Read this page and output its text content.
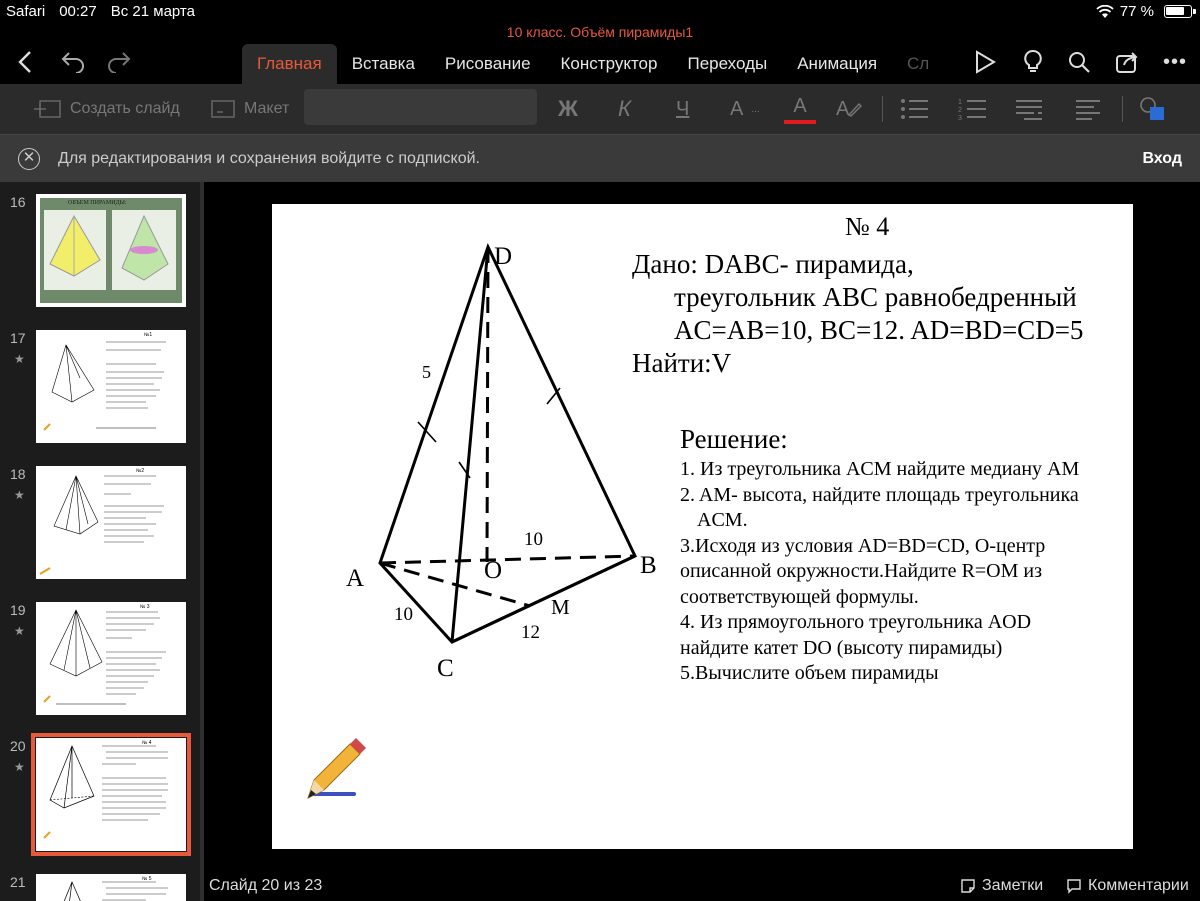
Safari 00:27 Вс 21 марта	77 %
10 класс. Объём пирамиды1
Главная	Вставка	Рисование	Конструктор	Переходы	Анимация	Сл	•••
Создать слайд	Макет	Ж К Ч A ... A A	1
2
3
✕ Для редактирования и сохранения войдите с подпиской.	Вход
16	ОБЪЕМ ПИРАМИДЫ:
17
★
№1
18
★
№2
19
★
№ 3
20
★
№ 4
21	№ 5
D
A	B
C
O
M
5
10
10
12
№ 4
Дано: DABC- пирамида,
треугольник ABC равнобедренный
AC=AB=10, BC=12. AD=BD=CD=5
Найти:V
Решение:
1. Из треугольника ACM найдите медиану AM
2. AM- высота, найдите площадь треугольника
ACM.
3.Исходя из условия AD=BD=CD, O-центр
описанной окружности.Найдите R=OM из
соответствующей формулы.
4. Из прямоугольного треугольника AOD
найдите катет DO (высоту пирамиды)
5.Вычислите объем пирамиды
Слайд 20 из 23	Заметки	Комментарии
